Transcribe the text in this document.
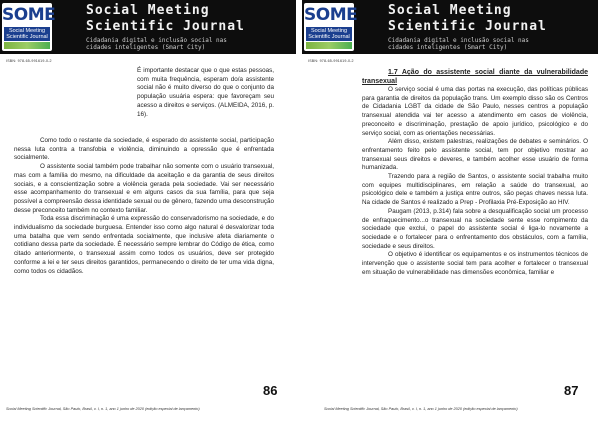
SOME
Social Meeting
Scientific Journal
Social Meeting
Scientific Journal
Cidadania digital e inclusão social nas cidades inteligentes (Smart City)
ISBN: 978-65-991619-0-2
É importante destacar que o que estas pessoas, com muita frequência, esperam do/a assistente social não é muito diverso do que o conjunto da população usuária espera: que favoreçam seu acesso a direitos e serviços. (ALMEIDA, 2016, p. 16).

Como todo o restante da sociedade, é esperado do assistente social, participação nessa luta contra a transfobia e violência, diminuindo a opressão que é enfrentada socialmente.

O assistente social também pode trabalhar não somente com o usuário transexual, mas com a família do mesmo, na dificuldade da aceitação e da garantia de seus direitos sociais, e a conscientização sobre a violência gerada pela sociedade. Vai ser necessário esse acompanhamento do transexual e em alguns casos da sua família, para que seja possível a compreensão dessa identidade sexual ou de gênero, fazendo uma desconstrução desse preconceito também no contexto familiar.

Toda essa discriminação é uma expressão do conservadorismo na sociedade, e do individualismo da sociedade burguesa. Entender isso como algo natural é desvalorizar toda uma batalha que vem sendo enfrentada socialmente, que inclusive afeta diariamente o cotidiano dessa parte da sociedade. É necessário sempre lembrar do Código de ética, como citado anteriormente, o transexual assim como todos os usuários, deve ser protegido conforme a lei e ter seus direitos garantidos, permanecendo o direito de ter uma vida digna, como todos os cidadãos.

Social Meeting Scientific Journal, São Paulo, Brasil, v. I, n. 1, ano 1 junho de 2020 (edição especial de lançamento)
86
SOME
Social Meeting
Scientific Journal
Social Meeting
Scientific Journal
Cidadania digital e inclusão social nas cidades inteligentes (Smart City)
ISBN: 978-65-991619-0-2

1.7 Ação do assistente social diante da vulnerabilidade transexual

O serviço social é uma das portas na execução, das políticas públicas para garantia de direitos da população trans. Um exemplo disso são os Centros de Cidadania LGBT da cidade de São Paulo, nesses centros a população transexual atendida vai ter acesso a atendimento em casos de violência, preconceito e discriminação, prestação de apoio jurídico, psicológico e do serviço social, com as orientações necessárias.

Além disso, existem palestras, realizações de debates e seminários. O enfrentamento feito pelo assistente social, tem por objetivo mostrar ao transexual seus direitos e deveres, e também acolher esse usuário de forma humanizada.

Trazendo para a região de Santos, o assistente social trabalha muito com equipes multidisciplinares, em relação a saúde do transexual, ao psicológico dele e também a justiça entre outros, são peças chaves nessa luta. Na cidade de Santos é realizado a Prep - Profilaxia Pré-Exposição ao HIV.

Paugam (2013, p.314) fala sobre a desqualificação social um processo de enfraquecimento...o transexual na sociedade sente esse rompimento da sociedade que exclui, o papel do assistente social é liga-lo novamente a sociedade e o fortalecer para o enfrentamento dos obstáculos, com a família, sociedade e seus direitos.

O objetivo é identificar os equipamentos e os instrumentos técnicos de intervenção que o assistente social tem para acolher e fortalecer o transexual em situação de vulnerabilidade nas dimensões econômica, familiar e

Social Meeting Scientific Journal, São Paulo, Brasil, v. I, n. 1, ano 1 junho de 2020 (edição especial de lançamento)
87
